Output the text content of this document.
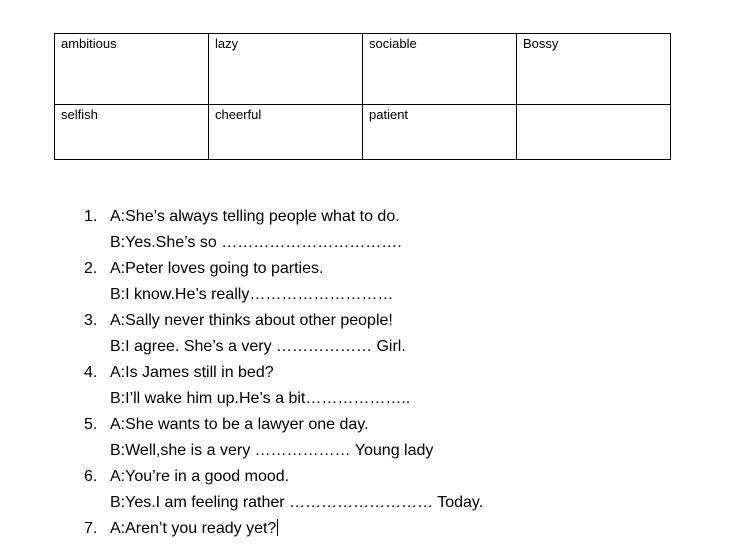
ambitious	lazy	sociable	Bossy
selfish	cheerful	patient	
1. A:She’s always telling people what to do.
B:Yes.She’s so …………………………….
2. A:Peter loves going to parties.
B:I know.He’s really………………………
3. A:Sally never thinks about other people!
B:I agree. She’s a very ……………… Girl.
4. A:Is James still in bed?
B:I’ll wake him up.He’s a bit………………..
5. A:She wants to be a lawyer one day.
B:Well,she is a very ……………… Young lady
6. A:You’re in a good mood.
B:Yes.I am feeling rather ……………………… Today.
7. A:Aren’t you ready yet?
